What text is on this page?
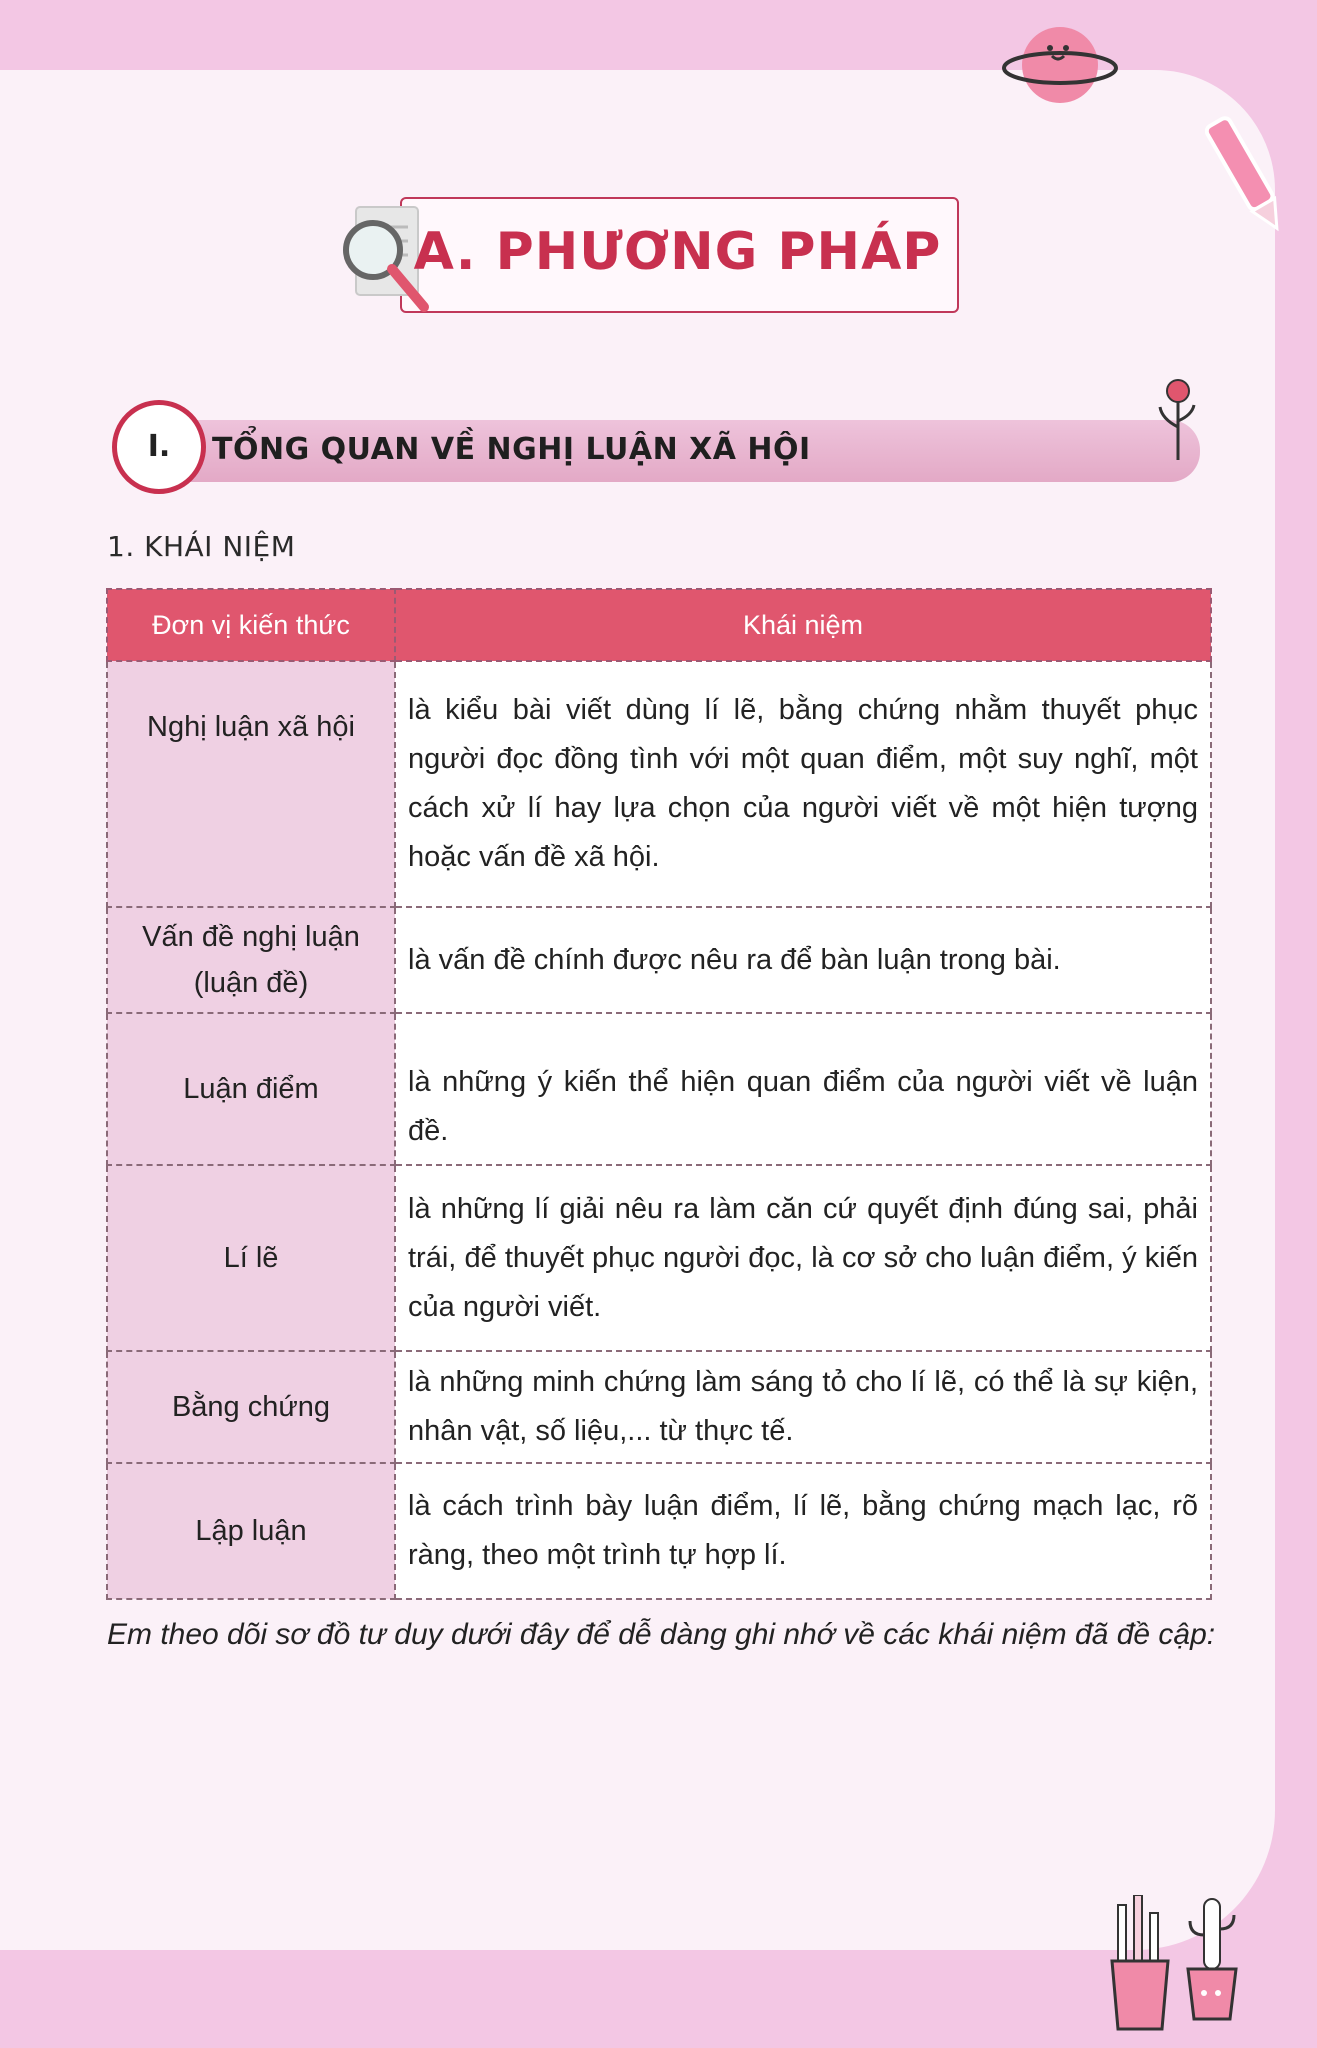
A. PHƯƠNG PHÁP
I.	TỔNG QUAN VỀ NGHỊ LUẬN XÃ HỘI
1. KHÁI NIỆM
Đơn vị kiến thức	Khái niệm
Nghị luận xã hội	là kiểu bài viết dùng lí lẽ, bằng chứng nhằm thuyết phục người đọc đồng tình với một quan điểm, một suy nghĩ, một cách xử lí hay lựa chọn của người viết về một hiện tượng hoặc vấn đề xã hội.
Vấn đề nghị luận (luận đề)	là vấn đề chính được nêu ra để bàn luận trong bài.
Luận điểm	là những ý kiến thể hiện quan điểm của người viết về luận đề.
Lí lẽ	là những lí giải nêu ra làm căn cứ quyết định đúng sai, phải trái, để thuyết phục người đọc, là cơ sở cho luận điểm, ý kiến của người viết.
Bằng chứng	là những minh chứng làm sáng tỏ cho lí lẽ, có thể là sự kiện, nhân vật, số liệu,... từ thực tế.
Lập luận	là cách trình bày luận điểm, lí lẽ, bằng chứng mạch lạc, rõ ràng, theo một trình tự hợp lí.
Em theo dõi sơ đồ tư duy dưới đây để dễ dàng ghi nhớ về các khái niệm đã đề cập:
